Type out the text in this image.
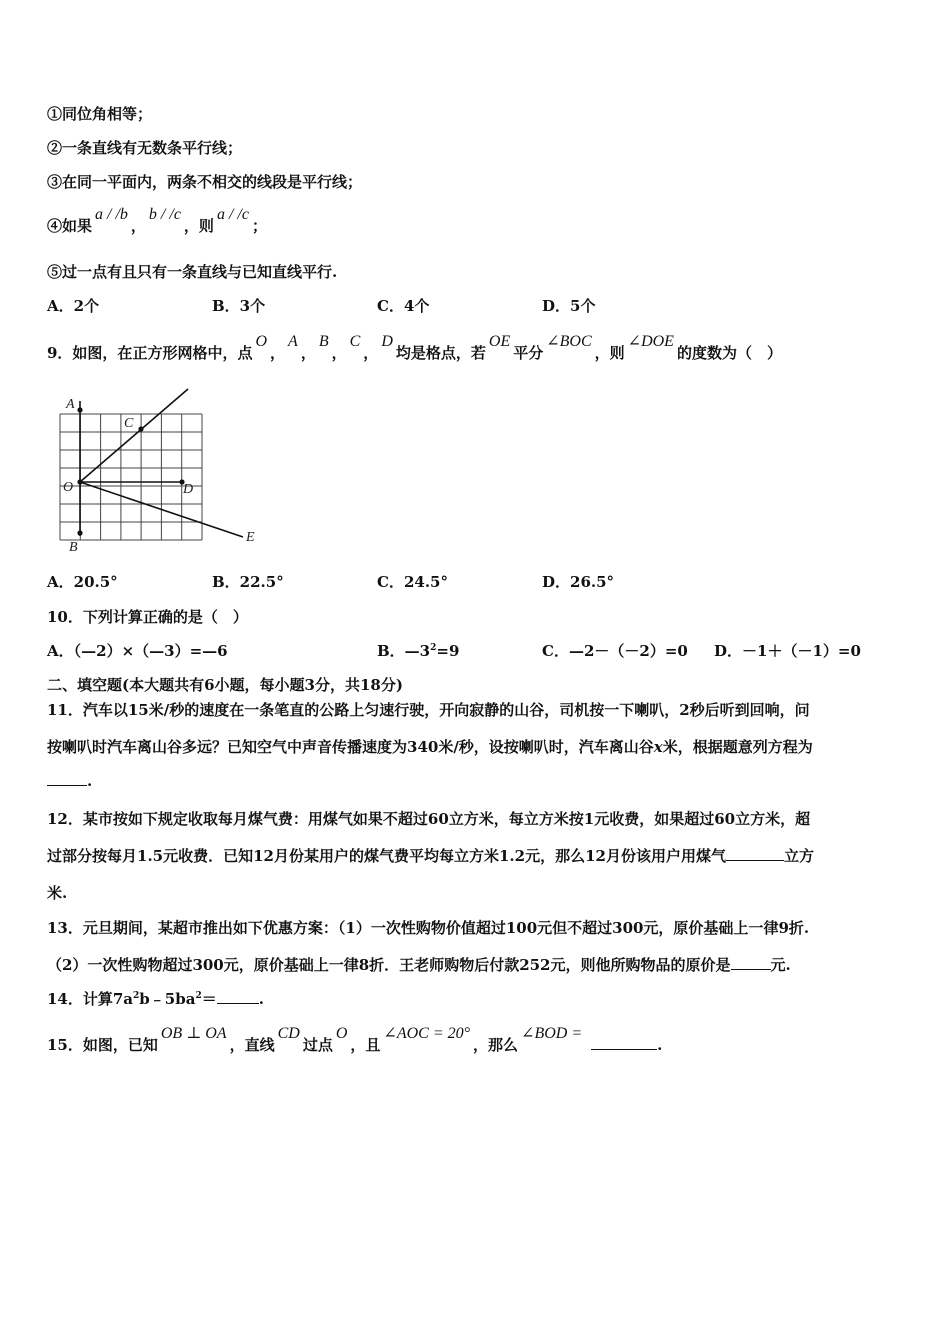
①同位角相等；
②一条直线有无数条平行线；
③在同一平面内，两条不相交的线段是平行线；
④如果a / /b，b / /c，则a / /c；
⑤过一点有且只有一条直线与已知直线平行.
A．2个	B．3个	C．4个	D．5个
9．如图，在正方形网格中，点O，A，B，C，D均是格点，若OE平分∠BOC，则∠DOE的度数为（　）
A
C
O	D
B
E
A．20.5°	B．22.5°	C．24.5°	D．26.5°
10．下列计算正确的是（　）
A．（—2）×（—3）=—6	B．$—3^2=9$	C．—2－（－2）=0 D．－1＋（－1）=0
二、填空题(本大题共有6小题，每小题3分，共18分)
11．汽车以15米/秒的速度在一条笔直的公路上匀速行驶，开向寂静的山谷，司机按一下喇叭，2秒后听到回响，问
按喇叭时汽车离山谷多远？已知空气中声音传播速度为340米/秒，设按喇叭时，汽车离山谷x米，根据题意列方程为
.
12．某市按如下规定收取每月煤气费：用煤气如果不超过60立方米，每立方米按1元收费，如果超过60立方米，超
过部分按每月1.5元收费．已知12月份某用户的煤气费平均每立方米1.2元，那么12月份该用户用煤气	立方
米.
13．元旦期间，某超市推出如下优惠方案：（1）一次性购物价值超过100元但不超过300元，原价基础上一律9折.
（2）一次性购物超过300元，原价基础上一律8折．王老师购物后付款252元，则他所购物品的原价是	元.
14．计算$7a^2b﹣5ba^2=$	.
15．如图，已知OB ⊥ OA，直线CD过点O，且∠AOC = 20°，那么∠BOD =.
